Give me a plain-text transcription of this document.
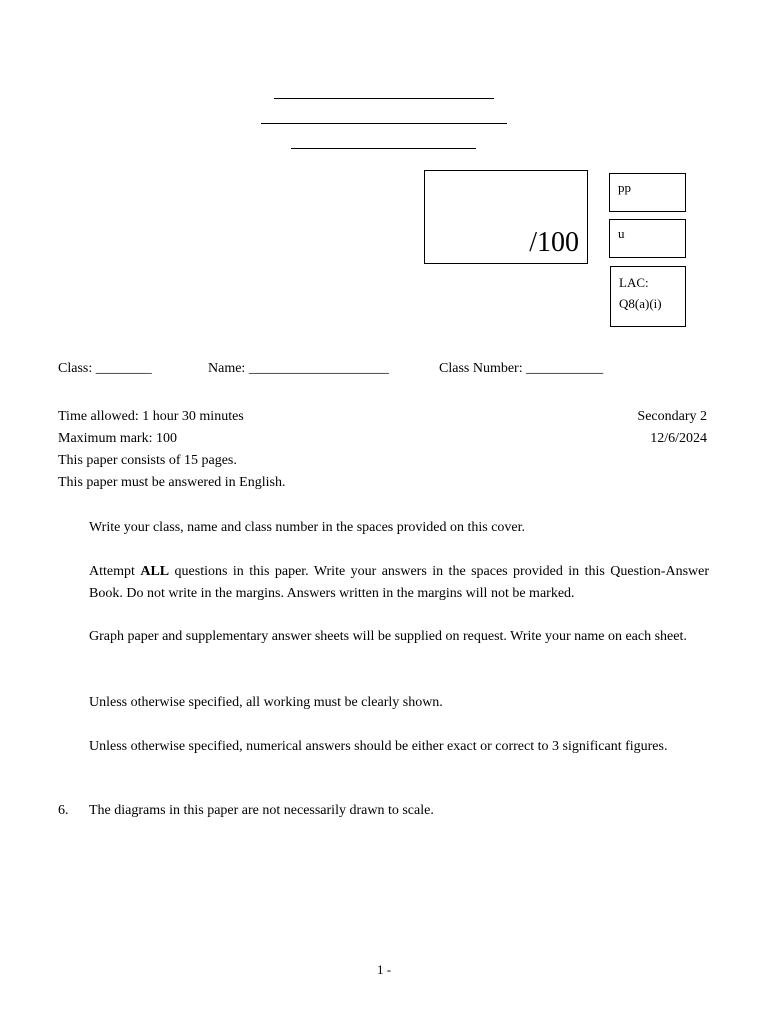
/100
pp
u
LAC:
Q8(a)(i)
Class: ________	Name: ____________________	Class Number: ___________
Time allowed: 1 hour 30 minutes
Maximum mark: 100
This paper consists of 15 pages.
This paper must be answered in English.
Secondary 2
12/6/2024
Write your class, name and class number in the spaces provided on this cover.
Attempt ALL questions in this paper. Write your answers in the spaces provided in this Question-Answer Book. Do not write in the margins. Answers written in the margins will not be marked.
Graph paper and supplementary answer sheets will be supplied on request. Write your name on each sheet.
Unless otherwise specified, all working must be clearly shown.
Unless otherwise specified, numerical answers should be either exact or correct to 3 significant figures.
6. The diagrams in this paper are not necessarily drawn to scale.
1 -
